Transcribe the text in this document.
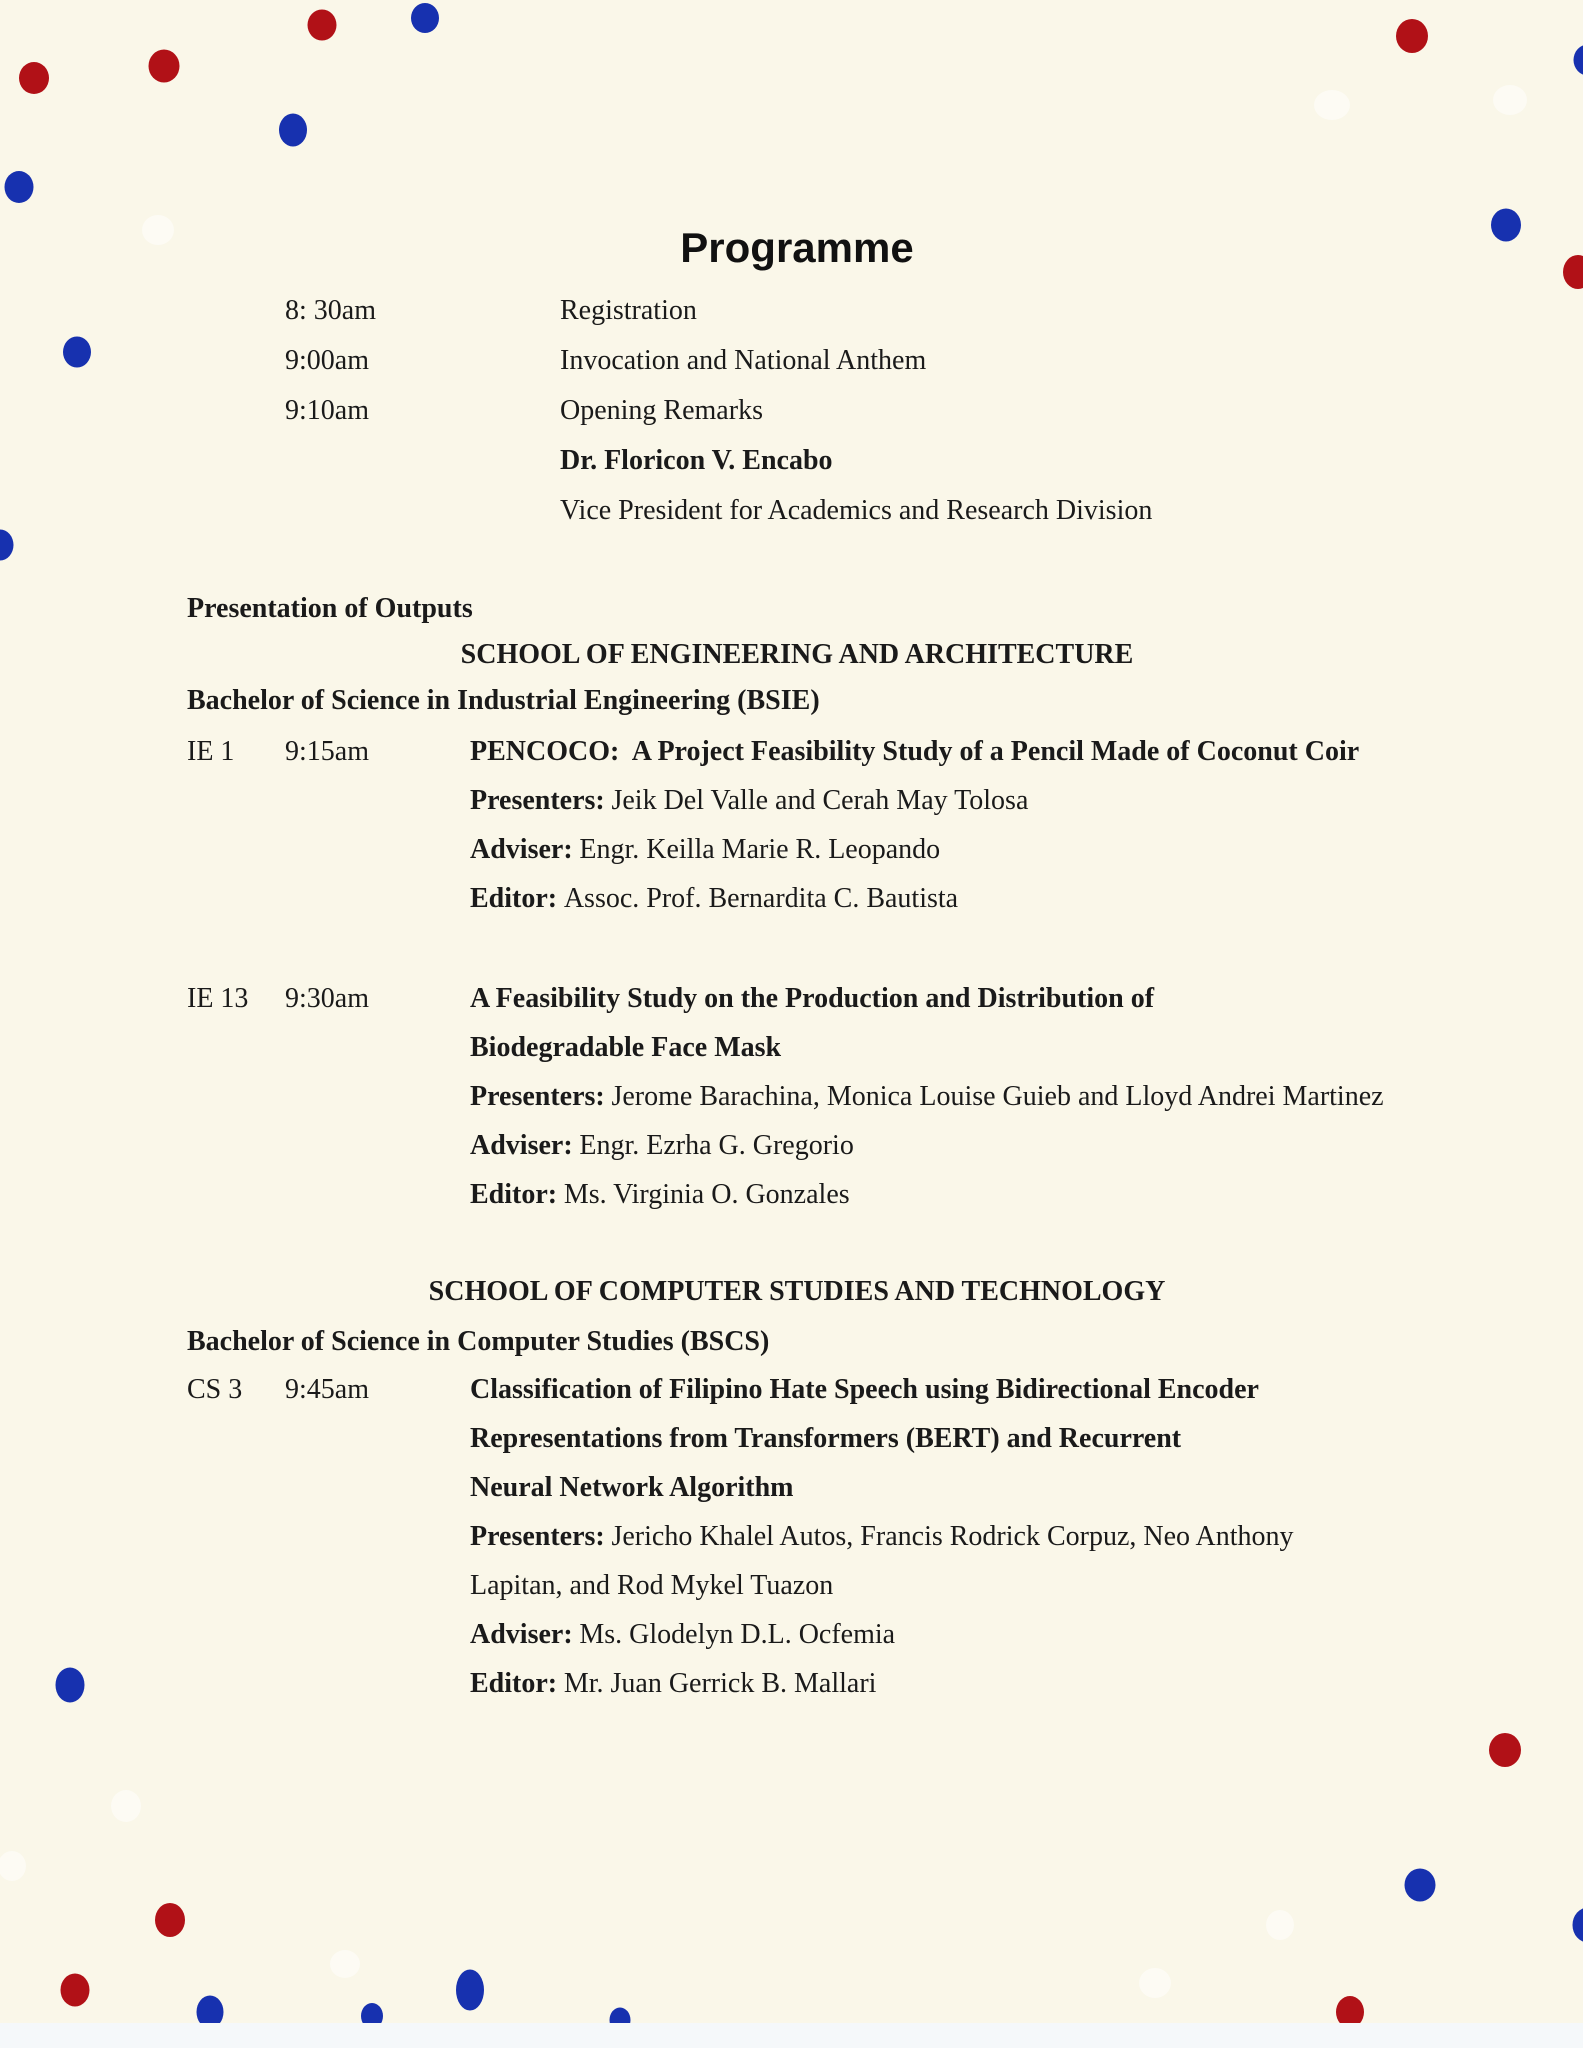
Programme
8: 30am	Registration
9:00am	Invocation and National Anthem
9:10am	Opening Remarks
Dr. Floricon V. Encabo
Vice President for Academics and Research Division
Presentation of Outputs
SCHOOL OF ENGINEERING AND ARCHITECTURE
Bachelor of Science in Industrial Engineering (BSIE)
IE 1	9:15am	PENCOCO:  A Project Feasibility Study of a Pencil Made of Coconut Coir
Presenters: Jeik Del Valle and Cerah May Tolosa
Adviser: Engr. Keilla Marie R. Leopando
Editor: Assoc. Prof. Bernardita C. Bautista
IE 13	9:30am	A Feasibility Study on the Production and Distribution of
Biodegradable Face Mask
Presenters: Jerome Barachina, Monica Louise Guieb and Lloyd Andrei Martinez
Adviser: Engr. Ezrha G. Gregorio
Editor: Ms. Virginia O. Gonzales
SCHOOL OF COMPUTER STUDIES AND TECHNOLOGY
Bachelor of Science in Computer Studies (BSCS)
CS 3	9:45am	Classification of Filipino Hate Speech using Bidirectional Encoder
Representations from Transformers (BERT) and Recurrent
Neural Network Algorithm
Presenters: Jericho Khalel Autos, Francis Rodrick Corpuz, Neo Anthony
Lapitan, and Rod Mykel Tuazon
Adviser: Ms. Glodelyn D.L. Ocfemia
Editor: Mr. Juan Gerrick B. Mallari
